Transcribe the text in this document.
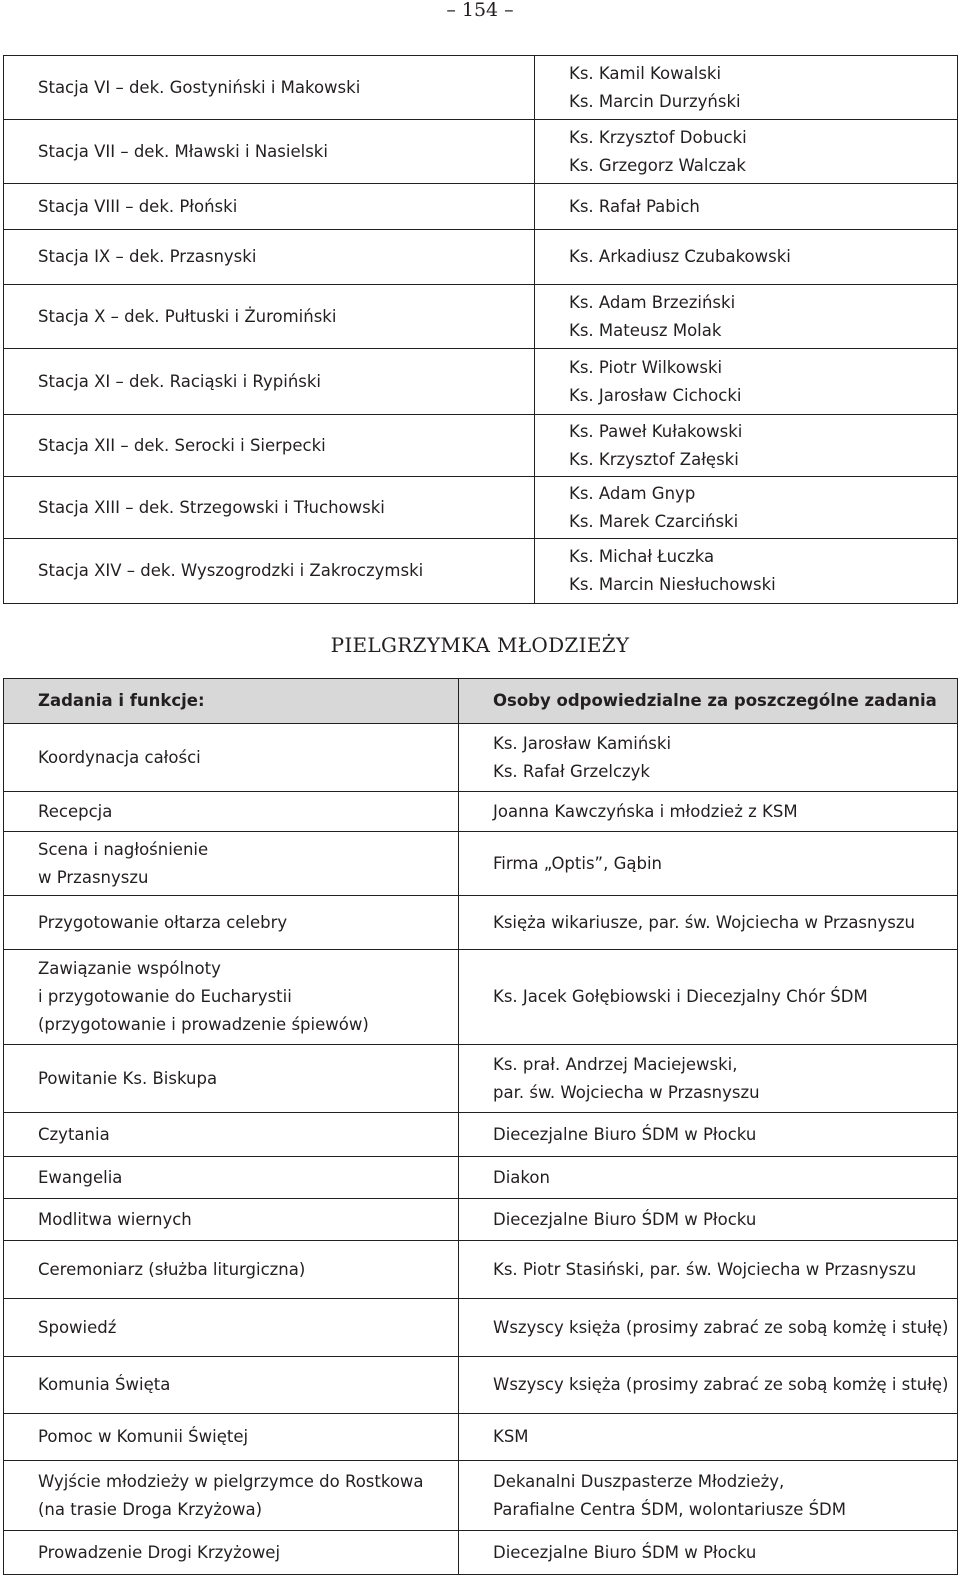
– 154 –
Stacja VI – dek. Gostyniński i Makowski	Ks. Kamil Kowalski
Ks. Marcin Durzyński

Stacja VII – dek. Mławski i Nasielski	Ks. Krzysztof Dobucki
Ks. Grzegorz Walczak

Stacja VIII – dek. Płoński	Ks. Rafał Pabich

Stacja IX – dek. Przasnyski	Ks. Arkadiusz Czubakowski

Stacja X – dek. Pułtuski i Żuromiński	Ks. Adam Brzeziński
Ks. Mateusz Molak

Stacja XI – dek. Raciąski i Rypiński	Ks. Piotr Wilkowski
Ks. Jarosław Cichocki

Stacja XII – dek. Serocki i Sierpecki	Ks. Paweł Kułakowski
Ks. Krzysztof Załęski

Stacja XIII – dek. Strzegowski i Tłuchowski	Ks. Adam Gnyp
Ks. Marek Czarciński

Stacja XIV – dek. Wyszogrodzki i Zakroczymski	Ks. Michał Łuczka
Ks. Marcin Niesłuchowski
PIELGRZYMKA MŁODZIEŻY
Zadania i funkcje:	Osoby odpowiedzialne za poszczególne zadania

Koordynacja całości	Ks. Jarosław Kamiński
Ks. Rafał Grzelczyk

Recepcja	Joanna Kawczyńska i młodzież z KSM

Scena i nagłośnienie
w Przasnyszu	Firma „Optis”, Gąbin

Przygotowanie ołtarza celebry	Księża wikariusze, par. św. Wojciecha w Przasnyszu

Zawiązanie wspólnoty
i przygotowanie do Eucharystii
(przygotowanie i prowadzenie śpiewów)	Ks. Jacek Gołębiowski i Diecezjalny Chór ŚDM

Powitanie Ks. Biskupa	Ks. prał. Andrzej Maciejewski,
par. św. Wojciecha w Przasnyszu

Czytania	Diecezjalne Biuro ŚDM w Płocku

Ewangelia	Diakon

Modlitwa wiernych	Diecezjalne Biuro ŚDM w Płocku

Ceremoniarz (służba liturgiczna)	Ks. Piotr Stasiński, par. św. Wojciecha w Przasnyszu

Spowiedź	Wszyscy księża (prosimy zabrać ze sobą komżę i stułę)

Komunia Święta	Wszyscy księża (prosimy zabrać ze sobą komżę i stułę)

Pomoc w Komunii Świętej	KSM

Wyjście młodzieży w pielgrzymce do Rostkowa
(na trasie Droga Krzyżowa)	Dekanalni Duszpasterze Młodzieży,
Parafialne Centra ŚDM, wolontariusze ŚDM

Prowadzenie Drogi Krzyżowej	Diecezjalne Biuro ŚDM w Płocku
